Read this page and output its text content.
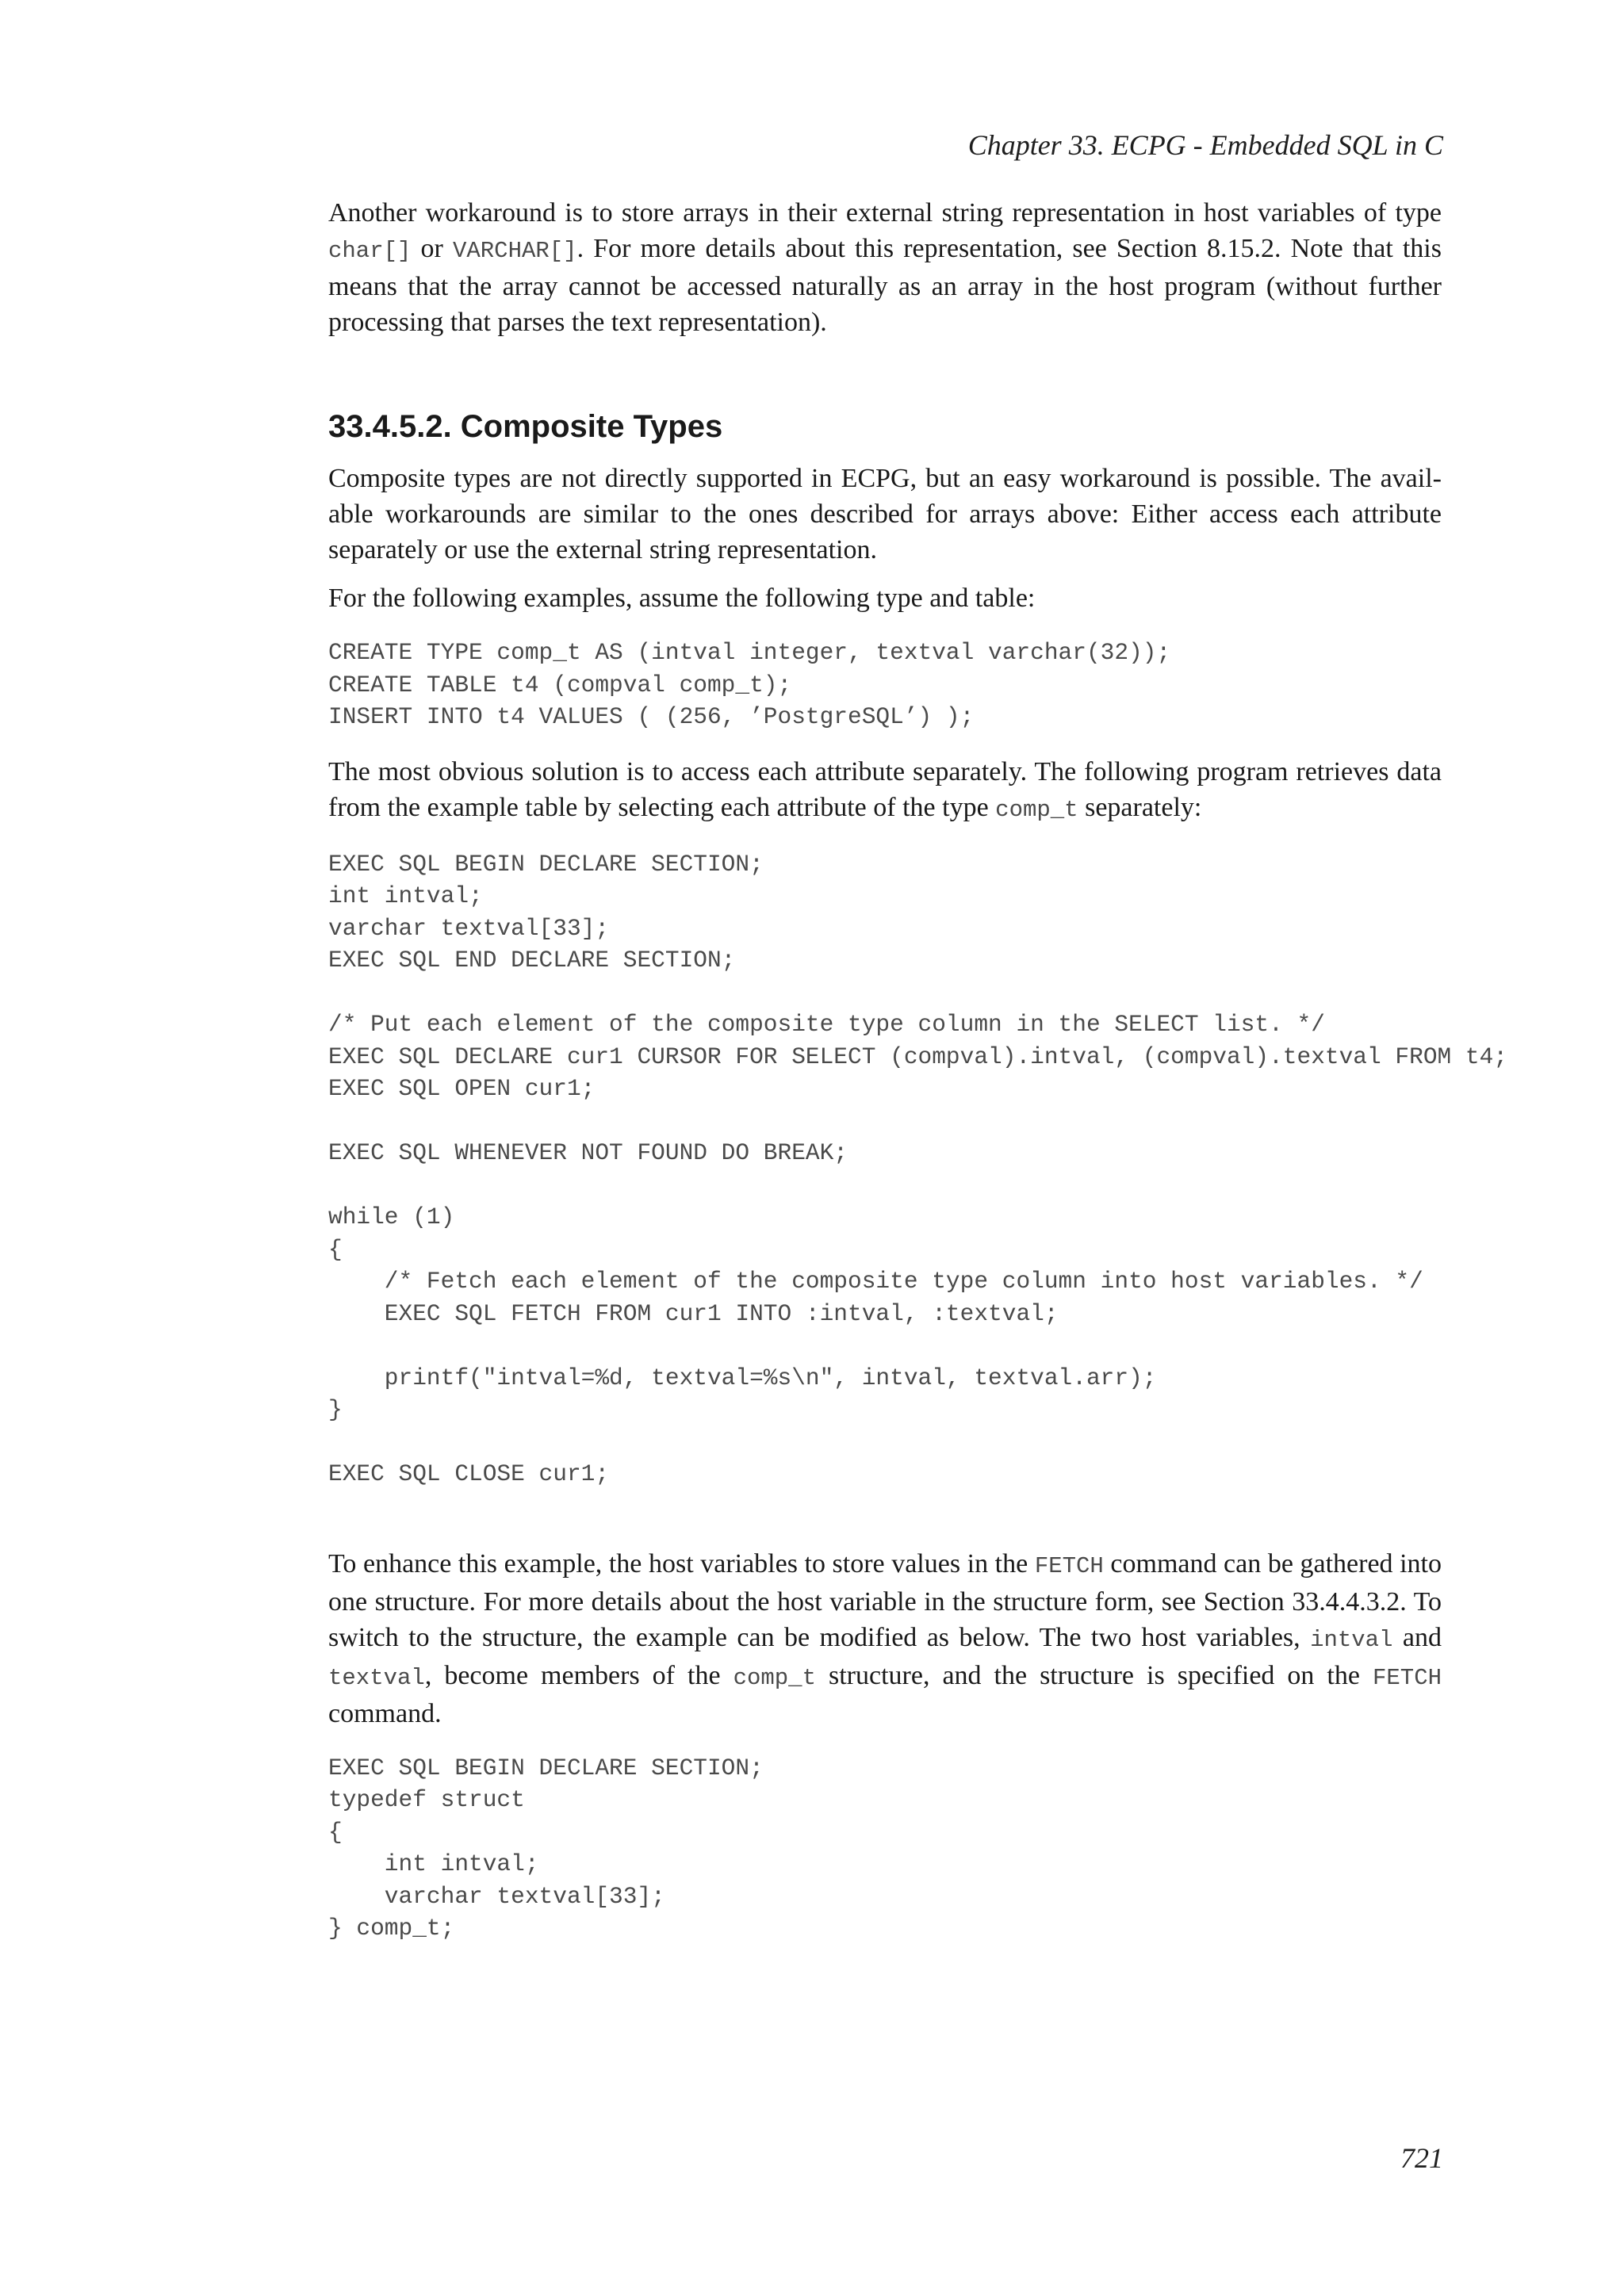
Chapter 33. ECPG - Embedded SQL in C

Another workaround is to store arrays in their external string representation in host variables of type char[] or VARCHAR[]. For more details about this representation, see Section 8.15.2. Note that this means that the array cannot be accessed naturally as an array in the host program (without further processing that parses the text representation).

33.4.5.2. Composite Types

Composite types are not directly supported in ECPG, but an easy workaround is possible. The avail-able workarounds are similar to the ones described for arrays above: Either access each attribute separately or use the external string representation.

For the following examples, assume the following type and table:

CREATE TYPE comp_t AS (intval integer, textval varchar(32));
CREATE TABLE t4 (compval comp_t);
INSERT INTO t4 VALUES ( (256, ’PostgreSQL’) );

The most obvious solution is to access each attribute separately. The following program retrieves data from the example table by selecting each attribute of the type comp_t separately:

EXEC SQL BEGIN DECLARE SECTION;
int intval;
varchar textval[33];
EXEC SQL END DECLARE SECTION;

/* Put each element of the composite type column in the SELECT list. */
EXEC SQL DECLARE cur1 CURSOR FOR SELECT (compval).intval, (compval).textval FROM t4;
EXEC SQL OPEN cur1;

EXEC SQL WHENEVER NOT FOUND DO BREAK;

while (1)
{
/* Fetch each element of the composite type column into host variables. */
EXEC SQL FETCH FROM cur1 INTO :intval, :textval;

printf("intval=%d, textval=%s\n", intval, textval.arr);
}

EXEC SQL CLOSE cur1;

To enhance this example, the host variables to store values in the FETCH command can be gathered into one structure. For more details about the host variable in the structure form, see Section 33.4.4.3.2. To switch to the structure, the example can be modified as below. The two host variables, intval and textval, become members of the comp_t structure, and the structure is specified on the FETCH command.

EXEC SQL BEGIN DECLARE SECTION;
typedef struct
{
int intval;
varchar textval[33];
} comp_t;
721
